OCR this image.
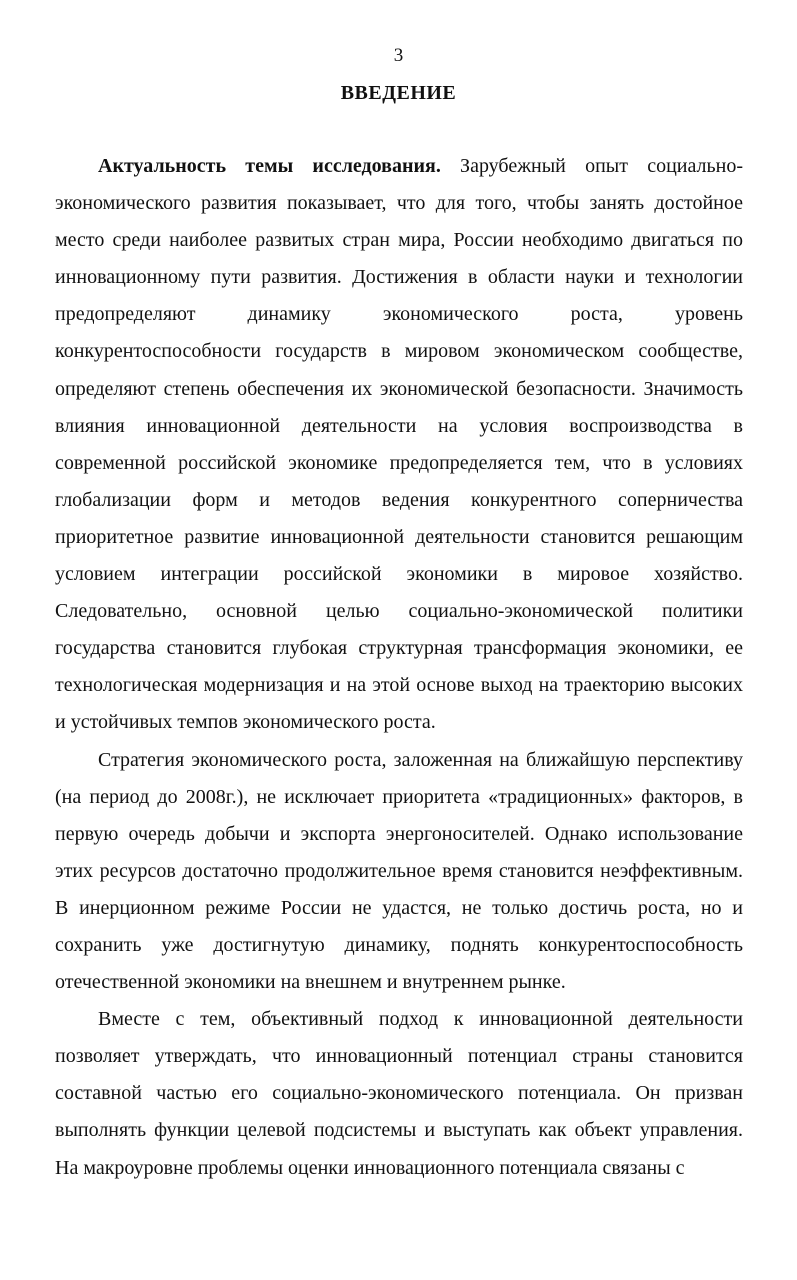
3
ВВЕДЕНИЕ

Актуальность темы исследования. Зарубежный опыт социально-экономического развития показывает, что для того, чтобы занять достойное место среди наиболее развитых стран мира, России необходимо двигаться по инновационному пути развития. Достижения в области науки и технологии предопределяют динамику экономического роста, уровень конкурентоспособности государств в мировом экономическом сообществе, определяют степень обеспечения их экономической безопасности. Значимость влияния инновационной деятельности на условия воспроизводства в современной российской экономике предопределяется тем, что в условиях глобализации форм и методов ведения конкурентного соперничества приоритетное развитие инновационной деятельности становится решающим условием интеграции российской экономики в мировое хозяйство. Следовательно, основной целью социально-экономической политики государства становится глубокая структурная трансформация экономики, ее технологическая модернизация и на этой основе выход на траекторию высоких и устойчивых темпов экономического роста.

Стратегия экономического роста, заложенная на ближайшую перспективу (на период до 2008г.), не исключает приоритета «традиционных» факторов, в первую очередь добычи и экспорта энергоносителей. Однако использование этих ресурсов достаточно продолжительное время становится неэффективным. В инерционном режиме России не удастся, не только достичь роста, но и сохранить уже достигнутую динамику, поднять конкурентоспособность отечественной экономики на внешнем и внутреннем рынке.

Вместе с тем, объективный подход к инновационной деятельности позволяет утверждать, что инновационный потенциал страны становится составной частью его социально-экономического потенциала. Он призван выполнять функции целевой подсистемы и выступать как объект управления. На макроуровне проблемы оценки инновационного потенциала связаны с
